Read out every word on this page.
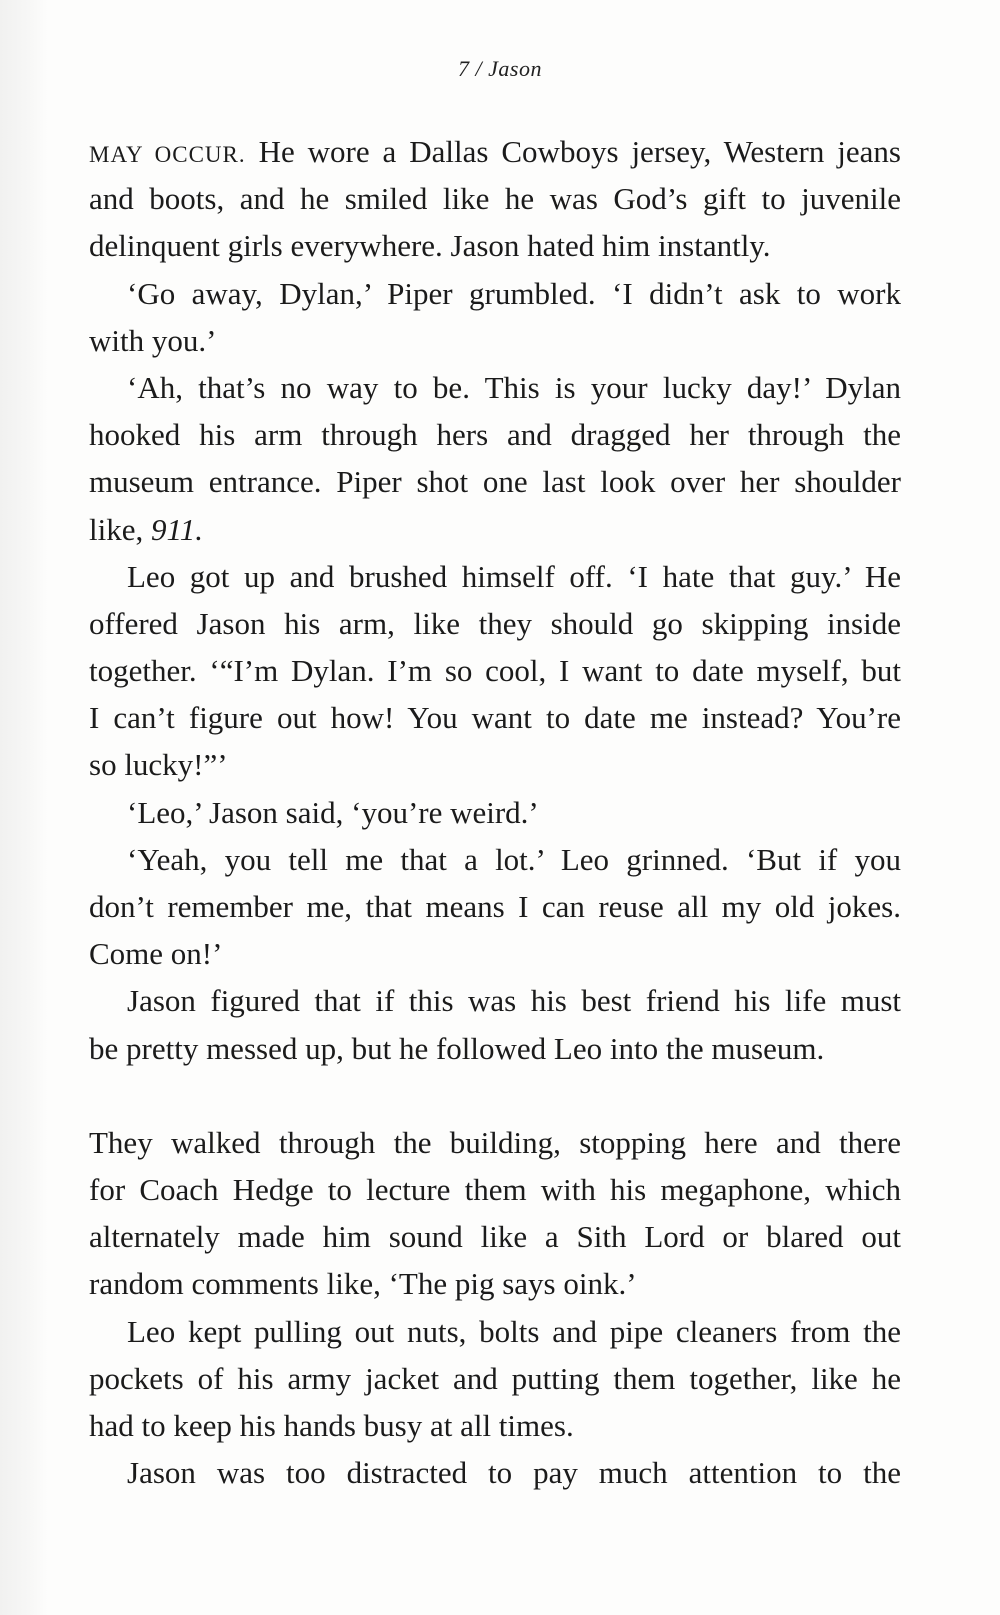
7 / Jason
MAY OCCUR. He wore a Dallas Cowboys jersey, Western jeans
and boots, and he smiled like he was God’s gift to juvenile
delinquent girls everywhere. Jason hated him instantly.
‘Go away, Dylan,’ Piper grumbled. ‘I didn’t ask to work
with you.’
‘Ah, that’s no way to be. This is your lucky day!’ Dylan
hooked his arm through hers and dragged her through the
museum entrance. Piper shot one last look over her shoulder
like, 911.
Leo got up and brushed himself off. ‘I hate that guy.’ He
offered Jason his arm, like they should go skipping inside
together. ‘“I’m Dylan. I’m so cool, I want to date myself, but
I can’t figure out how! You want to date me instead? You’re
so lucky!”’
‘Leo,’ Jason said, ‘you’re weird.’
‘Yeah, you tell me that a lot.’ Leo grinned. ‘But if you
don’t remember me, that means I can reuse all my old jokes.
Come on!’
Jason figured that if this was his best friend his life must
be pretty messed up, but he followed Leo into the museum.
They walked through the building, stopping here and there
for Coach Hedge to lecture them with his megaphone, which
alternately made him sound like a Sith Lord or blared out
random comments like, ‘The pig says oink.’
Leo kept pulling out nuts, bolts and pipe cleaners from the
pockets of his army jacket and putting them together, like he
had to keep his hands busy at all times.
Jason was too distracted to pay much attention to the
